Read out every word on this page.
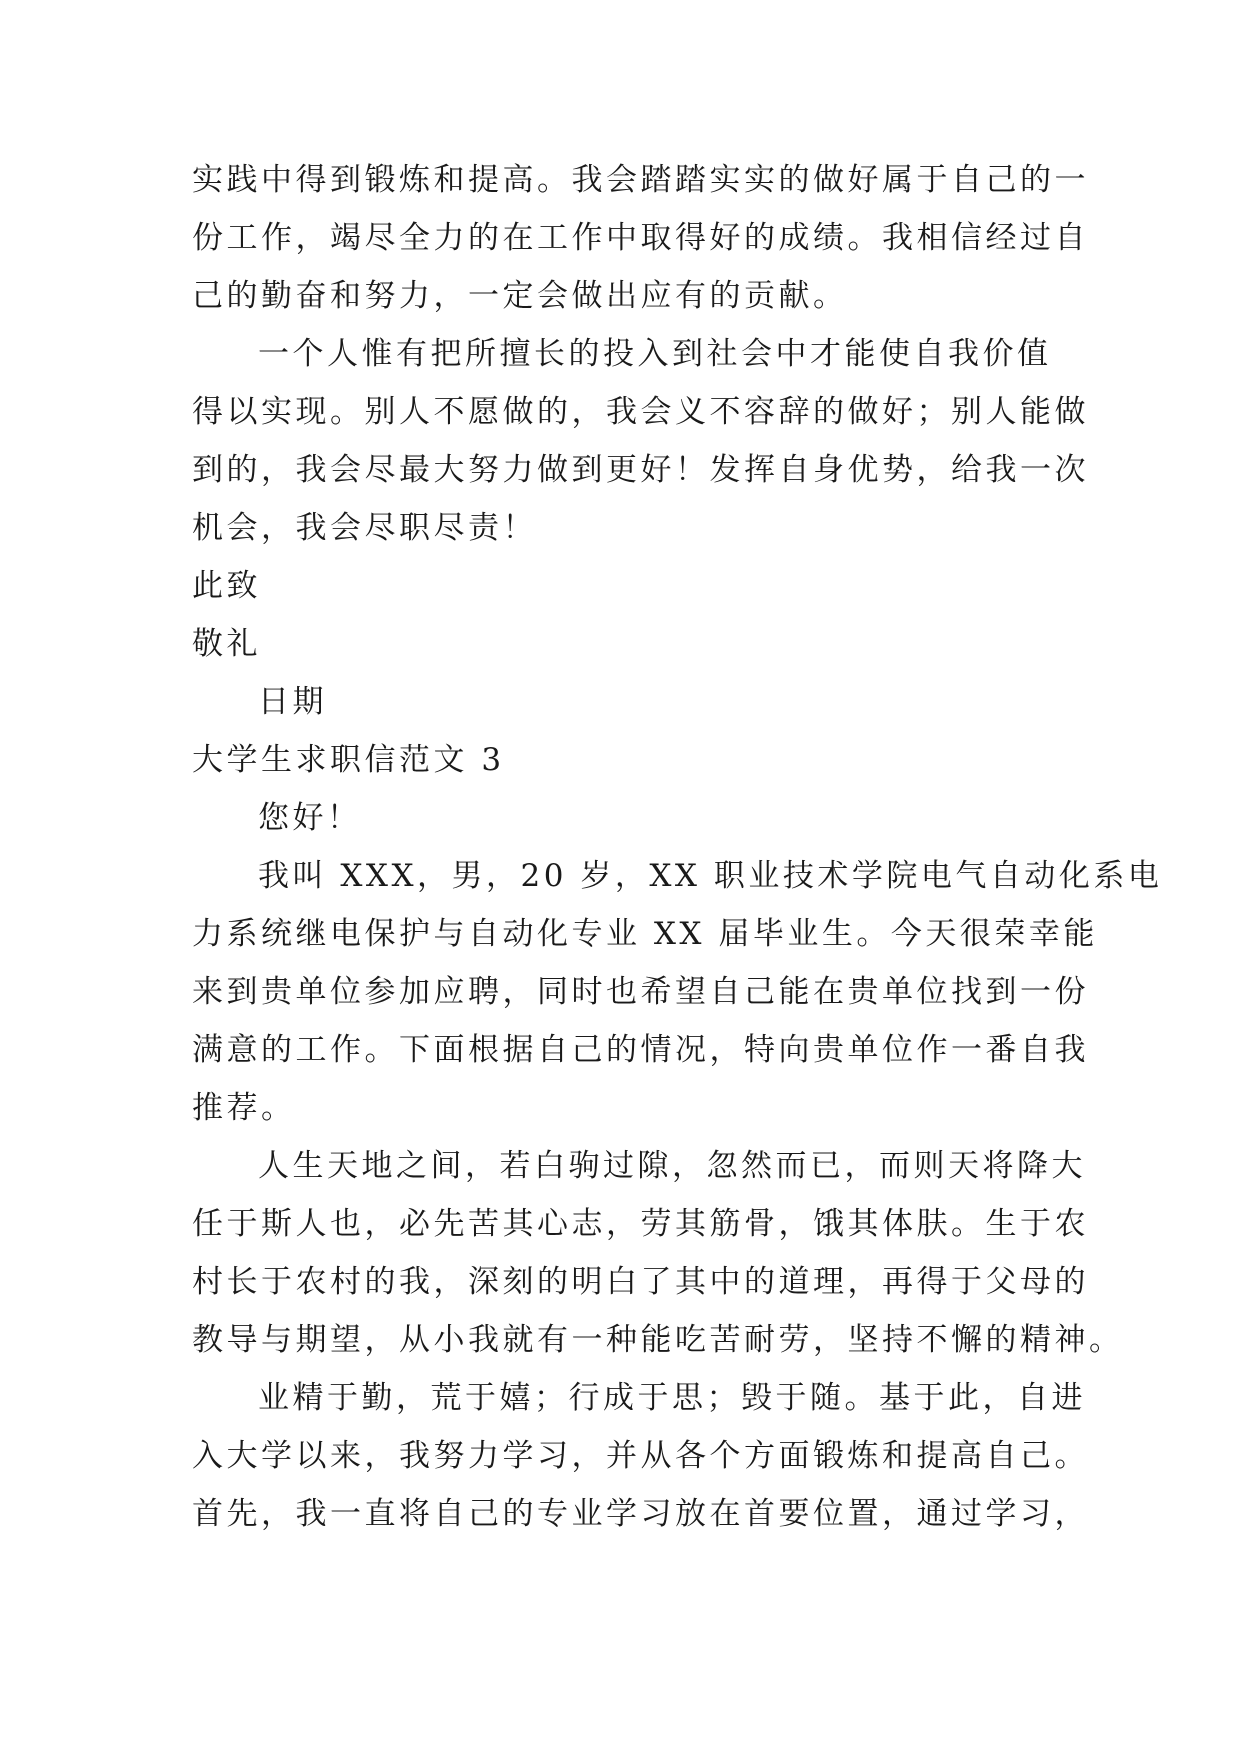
实践中得到锻炼和提高。我会踏踏实实的做好属于自己的一
份工作，竭尽全力的在工作中取得好的成绩。我相信经过自
己的勤奋和努力，一定会做出应有的贡献。
一个人惟有把所擅长的投入到社会中才能使自我价值
得以实现。别人不愿做的，我会义不容辞的做好；别人能做
到的，我会尽最大努力做到更好！发挥自身优势，给我一次
机会，我会尽职尽责！
此致
敬礼
日期
大学生求职信范文 3
您好！
我叫 XXX，男，20 岁，XX 职业技术学院电气自动化系电
力系统继电保护与自动化专业 XX 届毕业生。今天很荣幸能
来到贵单位参加应聘，同时也希望自己能在贵单位找到一份
满意的工作。下面根据自己的情况，特向贵单位作一番自我
推荐。
人生天地之间，若白驹过隙，忽然而已，而则天将降大
任于斯人也，必先苦其心志，劳其筋骨，饿其体肤。生于农
村长于农村的我，深刻的明白了其中的道理，再得于父母的
教导与期望，从小我就有一种能吃苦耐劳，坚持不懈的精神。
业精于勤，荒于嬉；行成于思；毁于随。基于此，自进
入大学以来，我努力学习，并从各个方面锻炼和提高自己。
首先，我一直将自己的专业学习放在首要位置，通过学习，
